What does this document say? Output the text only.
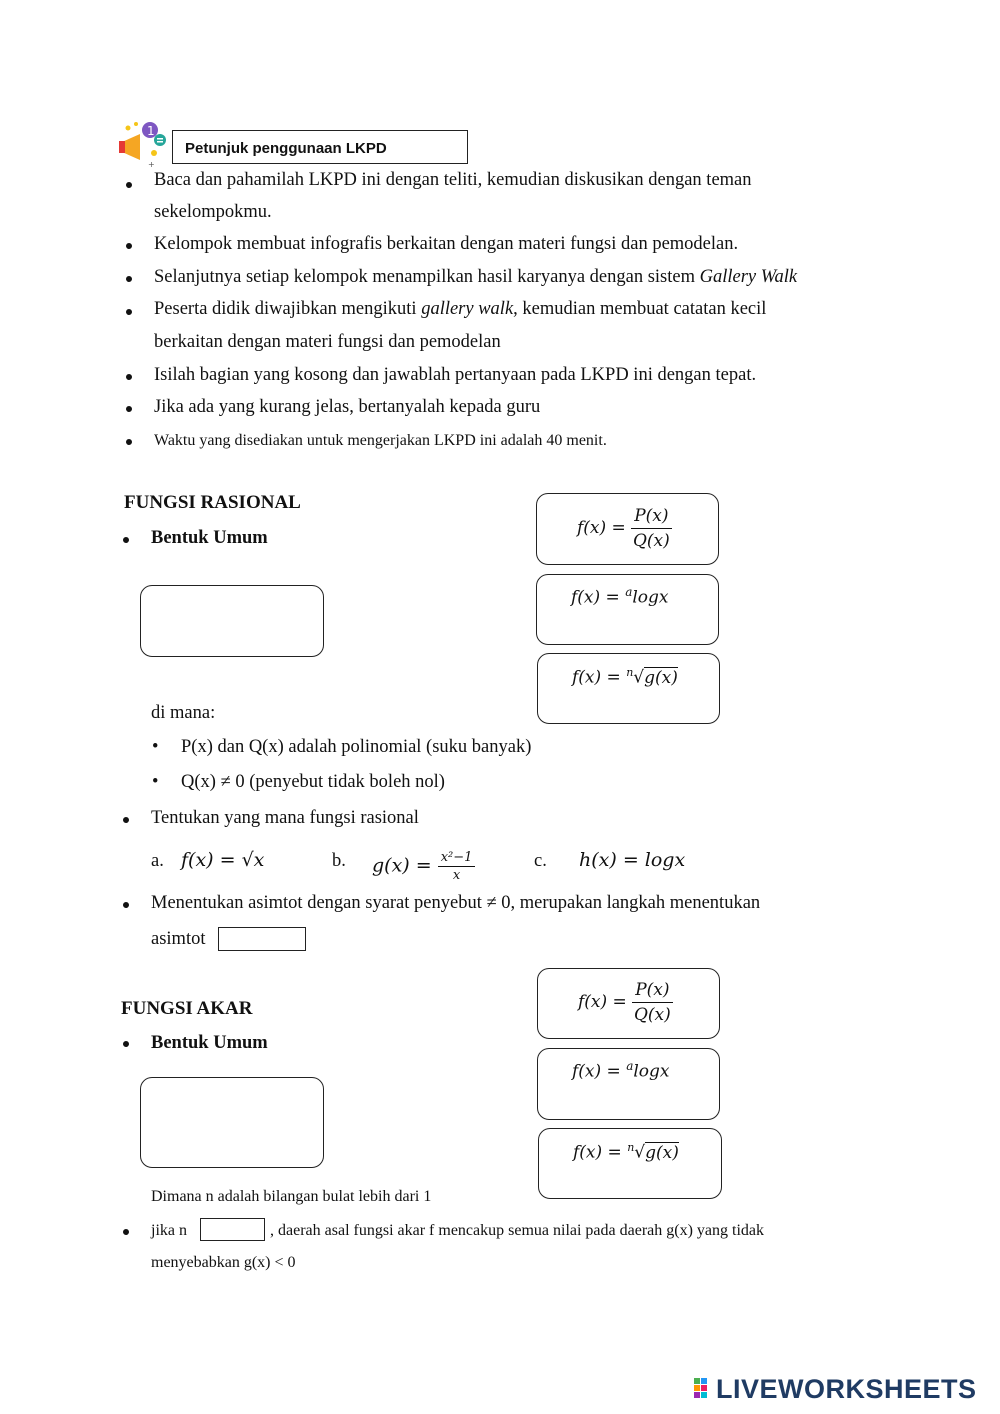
1
+
Petunjuk penggunaan LKPD
Baca dan pahamilah LKPD ini dengan teliti, kemudian diskusikan dengan teman
sekelompokmu.
Kelompok membuat infografis berkaitan dengan materi fungsi dan pemodelan.
Selanjutnya setiap kelompok menampilkan hasil karyanya dengan sistem Gallery Walk
Peserta didik diwajibkan mengikuti gallery walk, kemudian membuat catatan kecil
berkaitan dengan materi fungsi dan pemodelan
Isilah bagian yang kosong dan jawablah pertanyaan pada LKPD ini dengan tepat.
Jika ada yang kurang jelas, bertanyalah kepada guru
Waktu yang disediakan untuk mengerjakan LKPD ini adalah 40 menit.
FUNGSI RASIONAL
Bentuk Umum	$f(x) = \frac{P(x)}{Q(x)}$
f(x) = $^a$logx
f(x) = $^n$√g(x)
di mana:
• P(x) dan Q(x) adalah polinomial (suku banyak)
• Q(x) ≠ 0 (penyebut tidak boleh nol)
Tentukan yang mana fungsi rasional
a. f(x) = √x	b. $g(x) = \frac{\text{x²−1}}{x}$	c. h(x) = logx
Menentukan asimtot dengan syarat penyebut ≠ 0, merupakan langkah menentukan
asimtot
$f(x) = \frac{P(x)}{Q(x)}$
f(x) = $^a$logx
f(x) = $^n$√g(x)
FUNGSI AKAR
Bentuk Umum
Dimana n adalah bilangan bulat lebih dari 1
jika n	, daerah asal fungsi akar f mencakup semua nilai pada daerah g(x) yang tidak
menyebabkan g(x) < 0
LIVEWORKSHEETS
